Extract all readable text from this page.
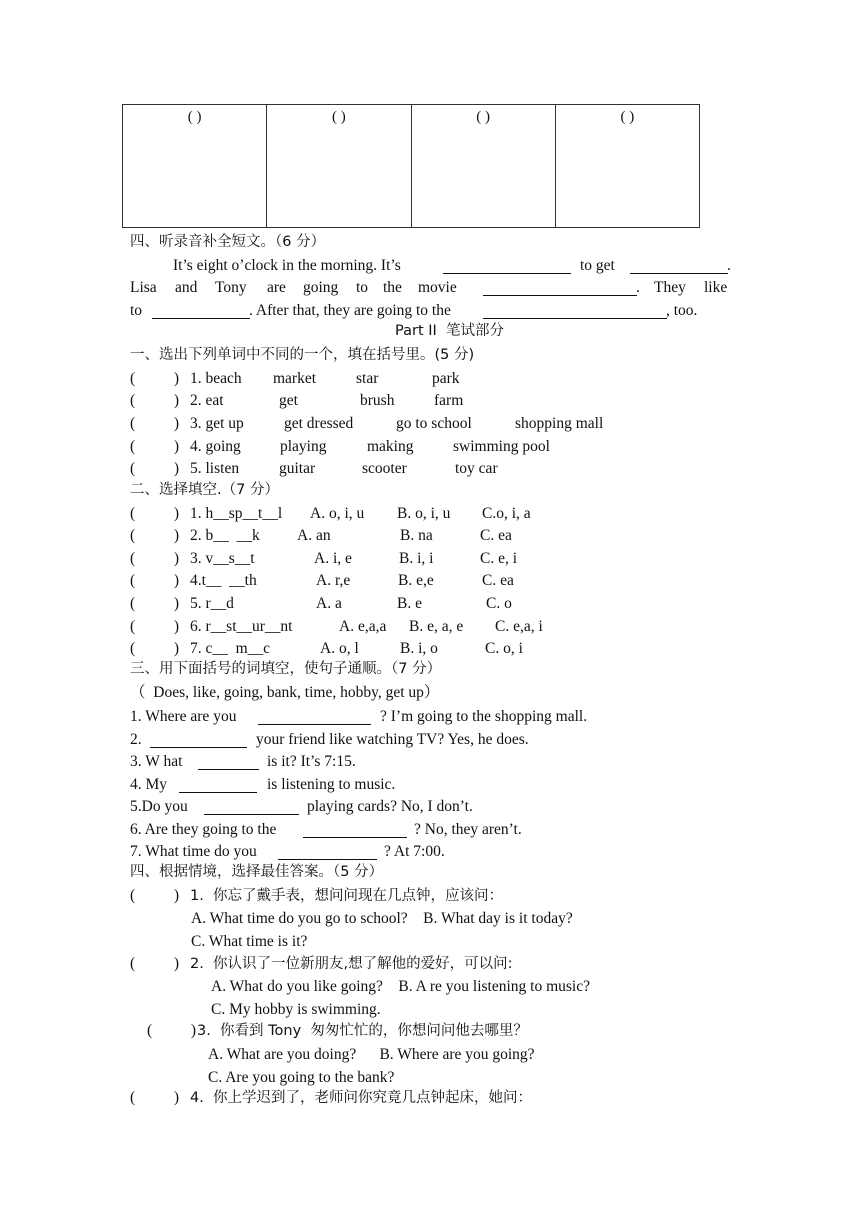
( )	( )	( )	( )
四、听录音补全短文。（6 分）
It’s eight o’clock in the morning. It’s	to get	.
Lisa and Tony are going to the movie	. They like
to	. After that, they are going to the	, too.
Part II  笔试部分
一、选出下列单词中不同的一个，填在括号里。(5 分)
(          ) 1. beach market	star	park
(          ) 2. eat	get	brush	farm
(          ) 3. get up	get dressed	go to school	shopping mall
(          ) 4. going	playing	making	swimming pool
(          ) 5. listen	guitar	scooter	toy car
二、选择填空.（7 分）
(          ) 1. h__sp__t__l A. o, i, u B. o, i, u C.o, i, a
(          ) 2. b__  __k A. an	B. na	C. ea
(          ) 3. v__s__t	A. i, e	B. i, i	C. e, i
(          ) 4.t__  __th	A. r,e	B. e,e	C. ea
(          ) 5. r__d	A. a	B. e	C. o
(          ) 6. r__st__ur__nt	A. e,a,a B. e, a, e C. e,a, i
(          ) 7. c__  m__c	A. o, l	B. i, o	C. o, i
三、用下面括号的词填空，使句子通顺。（7 分）
（  Does, like, going, bank, time, hobby, get up）
1. Where are you	? I’m going to the shopping mall.
2.	your friend like watching TV? Yes, he does.
3. W hat	is it? It’s 7:15.
4. My	is listening to music.
5.Do you	playing cards? No, I don’t.
6. Are they going to the	? No, they aren’t.
7. What time do you	? At 7:00.
四、根据情境，选择最佳答案。（5 分）
(          ) 1.  你忘了戴手表，想问问现在几点钟，应该问：
A. What time do you go to school?    B. What day is it today?
C. What time is it?
(          ) 2.  你认识了一位新朋友,想了解他的爱好，可以问:
A. What do you like going?    B. A re you listening to music?
C. My hobby is swimming.
(          ) 3.  你看到 Tony  匆匆忙忙的，你想问问他去哪里？
A. What are you doing?      B. Where are you going?
C. Are you going to the bank?
(          ) 4.  你上学迟到了，老师问你究竟几点钟起床，她问：
